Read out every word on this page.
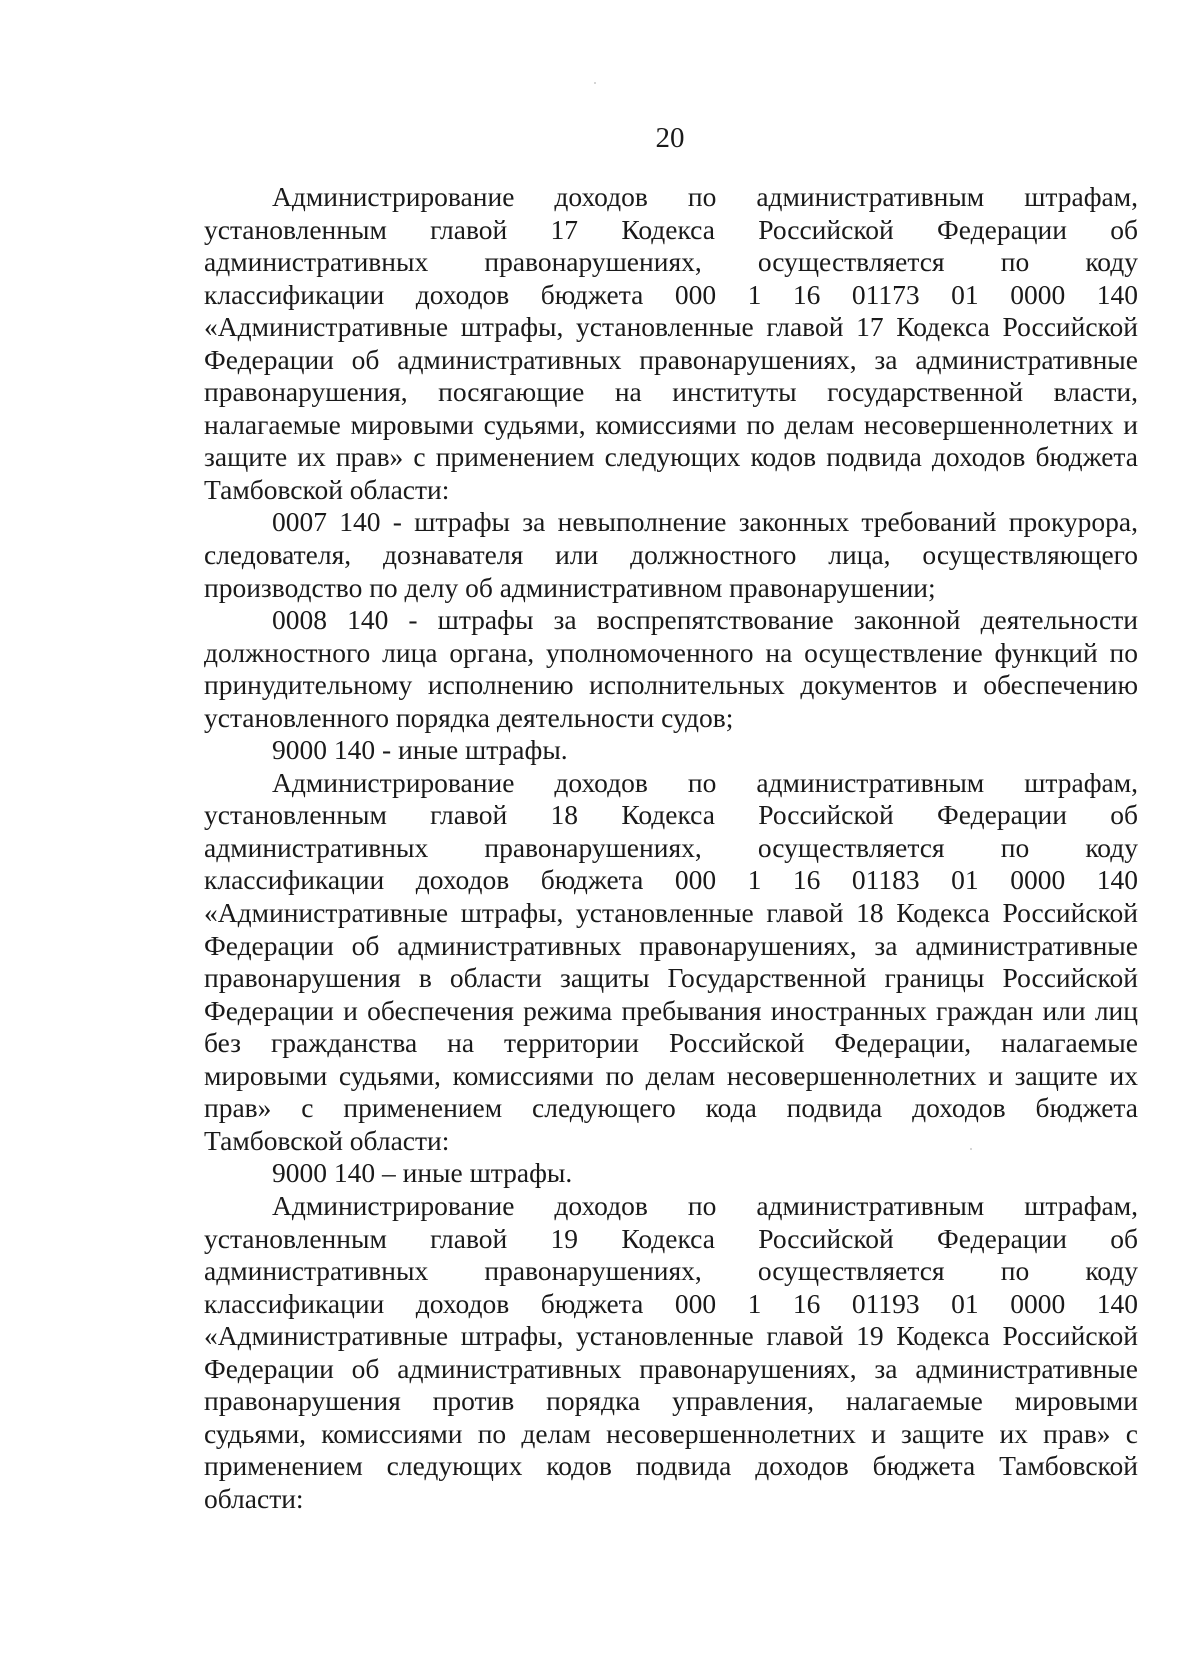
20
Администрирование доходов по административным штрафам,
установленным главой 17 Кодекса Российской Федерации об
административных правонарушениях, осуществляется по коду
классификации доходов бюджета 000 1 16 01173 01 0000 140
«Административные штрафы, установленные главой 17 Кодекса Российской
Федерации об административных правонарушениях, за административные
правонарушения, посягающие на институты государственной власти,
налагаемые мировыми судьями, комиссиями по делам несовершеннолетних и
защите их прав» с применением следующих кодов подвида доходов бюджета
Тамбовской области:
0007 140 - штрафы за невыполнение законных требований прокурора,
следователя, дознавателя или должностного лица, осуществляющего
производство по делу об административном правонарушении;
0008 140 - штрафы за воспрепятствование законной деятельности
должностного лица органа, уполномоченного на осуществление функций по
принудительному исполнению исполнительных документов и обеспечению
установленного порядка деятельности судов;
9000 140 - иные штрафы.
Администрирование доходов по административным штрафам,
установленным главой 18 Кодекса Российской Федерации об
административных правонарушениях, осуществляется по коду
классификации доходов бюджета 000 1 16 01183 01 0000 140
«Административные штрафы, установленные главой 18 Кодекса Российской
Федерации об административных правонарушениях, за административные
правонарушения в области защиты Государственной границы Российской
Федерации и обеспечения режима пребывания иностранных граждан или лиц
без гражданства на территории Российской Федерации, налагаемые
мировыми судьями, комиссиями по делам несовершеннолетних и защите их
прав» с применением следующего кода подвида доходов бюджета
Тамбовской области:
9000 140 – иные штрафы.
Администрирование доходов по административным штрафам,
установленным главой 19 Кодекса Российской Федерации об
административных правонарушениях, осуществляется по коду
классификации доходов бюджета 000 1 16 01193 01 0000 140
«Административные штрафы, установленные главой 19 Кодекса Российской
Федерации об административных правонарушениях, за административные
правонарушения против порядка управления, налагаемые мировыми
судьями, комиссиями по делам несовершеннолетних и защите их прав» с
применением следующих кодов подвида доходов бюджета Тамбовской
области:
